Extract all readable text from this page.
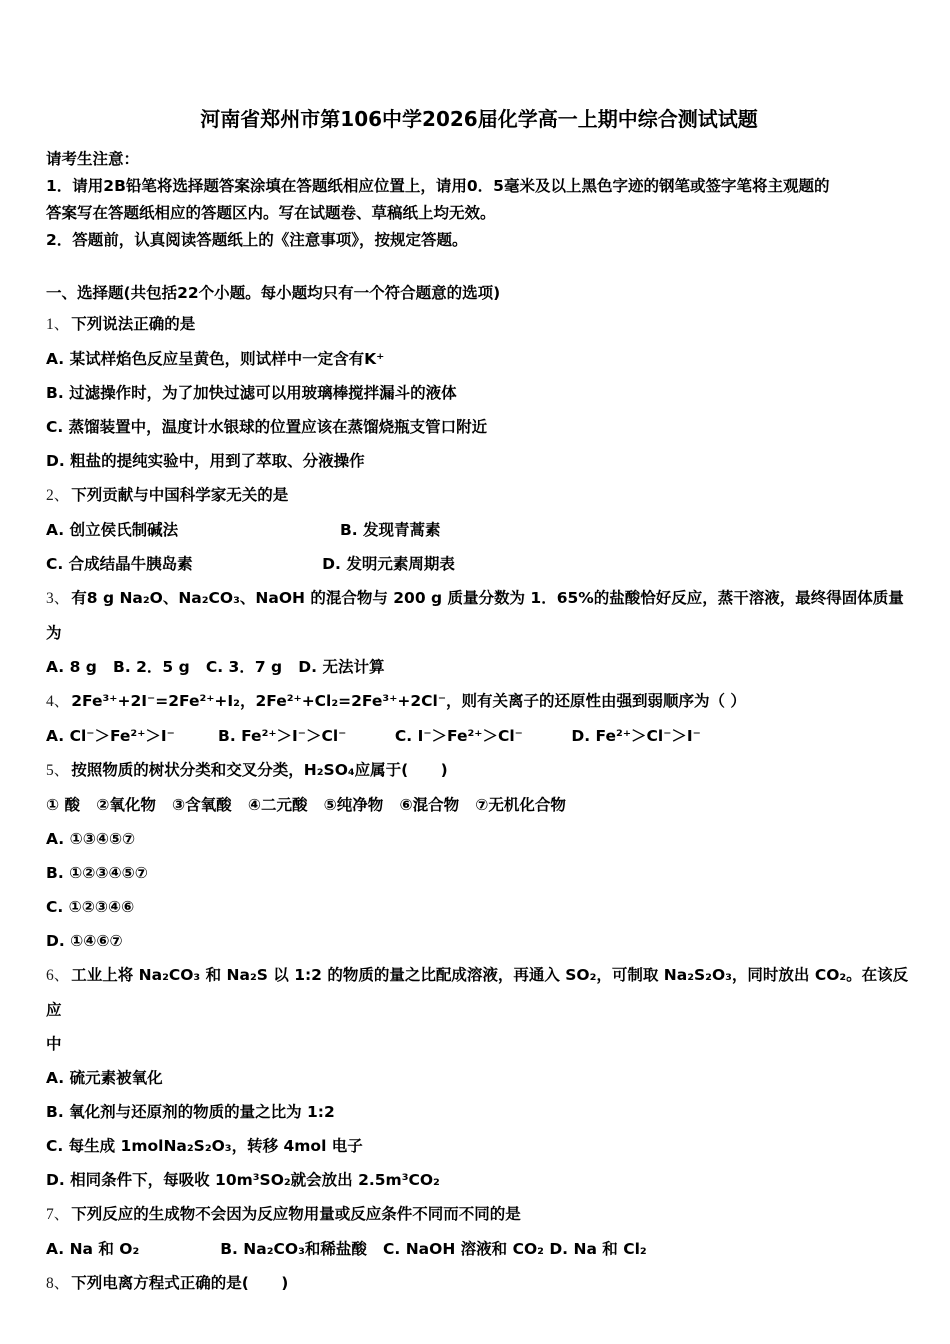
河南省郑州市第106中学2026届化学高一上期中综合测试试题
请考生注意：
1．请用2B铅笔将选择题答案涂填在答题纸相应位置上，请用0．5毫米及以上黑色字迹的钢笔或签字笔将主观题的
答案写在答题纸相应的答题区内。写在试题卷、草稿纸上均无效。
2．答题前，认真阅读答题纸上的《注意事项》，按规定答题。
一、选择题(共包括22个小题。每小题均只有一个符合题意的选项)
1、 下列说法正确的是
A. 某试样焰色反应呈黄色，则试样中一定含有K⁺
B. 过滤操作时，为了加快过滤可以用玻璃棒搅拌漏斗的液体
C. 蒸馏装置中，温度计水银球的位置应该在蒸馏烧瓶支管口附近
D. 粗盐的提纯实验中，用到了萃取、分液操作
2、 下列贡献与中国科学家无关的是
A. 创立侯氏制碱法                              B. 发现青蒿素
C. 合成结晶牛胰岛素                        D. 发明元素周期表
3、 有8 g Na₂O、Na₂CO₃、NaOH 的混合物与 200 g 质量分数为 1．65%的盐酸恰好反应，蒸干溶液，最终得固体质量为
A. 8 g   B. 2．5 g   C. 3．7 g   D. 无法计算
4、 2Fe³⁺+2I⁻=2Fe²⁺+I₂，2Fe²⁺+Cl₂=2Fe³⁺+2Cl⁻，则有关离子的还原性由强到弱顺序为（ ）
A. Cl⁻＞Fe²⁺＞I⁻        B. Fe²⁺＞I⁻＞Cl⁻         C. I⁻＞Fe²⁺＞Cl⁻         D. Fe²⁺＞Cl⁻＞I⁻
5、 按照物质的树状分类和交叉分类，H₂SO₄应属于(      )
① 酸   ②氧化物   ③含氧酸   ④二元酸   ⑤纯净物   ⑥混合物   ⑦无机化合物
A. ①③④⑤⑦
B. ①②③④⑤⑦
C. ①②③④⑥
D. ①④⑥⑦
6、 工业上将 Na₂CO₃ 和 Na₂S 以 1:2 的物质的量之比配成溶液，再通入 SO₂，可制取 Na₂S₂O₃，同时放出 CO₂。在该反应
中
A. 硫元素被氧化
B. 氧化剂与还原剂的物质的量之比为 1:2
C. 每生成 1molNa₂S₂O₃，转移 4mol 电子
D. 相同条件下，每吸收 10m³SO₂就会放出 2.5m³CO₂
7、 下列反应的生成物不会因为反应物用量或反应条件不同而不同的是
A. Na 和 O₂               B. Na₂CO₃和稀盐酸   C. NaOH 溶液和 CO₂ D. Na 和 Cl₂
8、 下列电离方程式正确的是(      )
